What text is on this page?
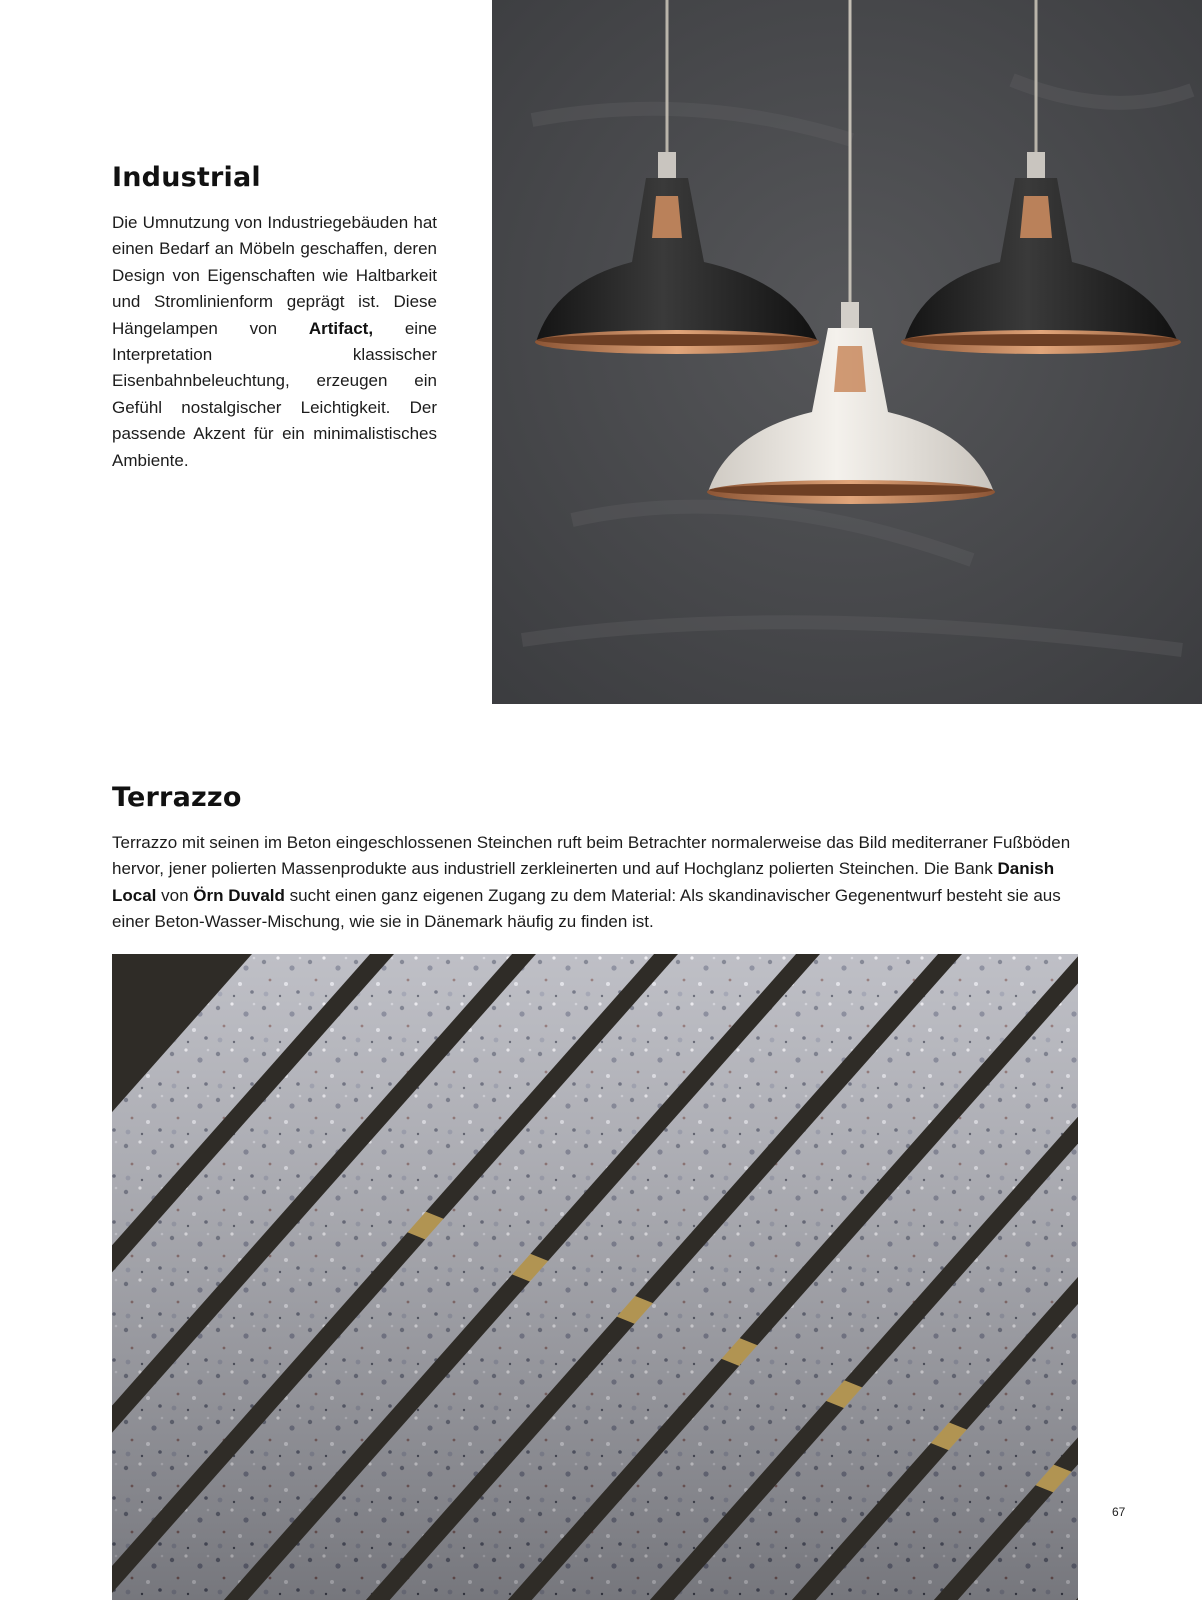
Industrial

Die Umnutzung von Industriegebäuden hat einen Bedarf an Möbeln geschaffen, deren Design von Eigenschaften wie Haltbarkeit und Stromlinienform geprägt ist. Diese Hängelampen von Artifact, eine Interpretation klassischer Eisenbahnbeleuchtung, erzeugen ein Gefühl nostalgischer Leichtigkeit. Der passende Akzent für ein minimalistisches Ambiente.

Terrazzo

Terrazzo mit seinen im Beton eingeschlossenen Steinchen ruft beim Betrachter normalerweise das Bild mediterraner Fußböden hervor, jener polierten Massenprodukte aus industriell zerkleinerten und auf Hochglanz polierten Steinchen. Die Bank Danish Local von Örn Duvald sucht einen ganz eigenen Zugang zu dem Material: Als skandinavischer Gegenentwurf besteht sie aus einer Beton-Wasser-Mischung, wie sie in Dänemark häufig zu finden ist.

67
